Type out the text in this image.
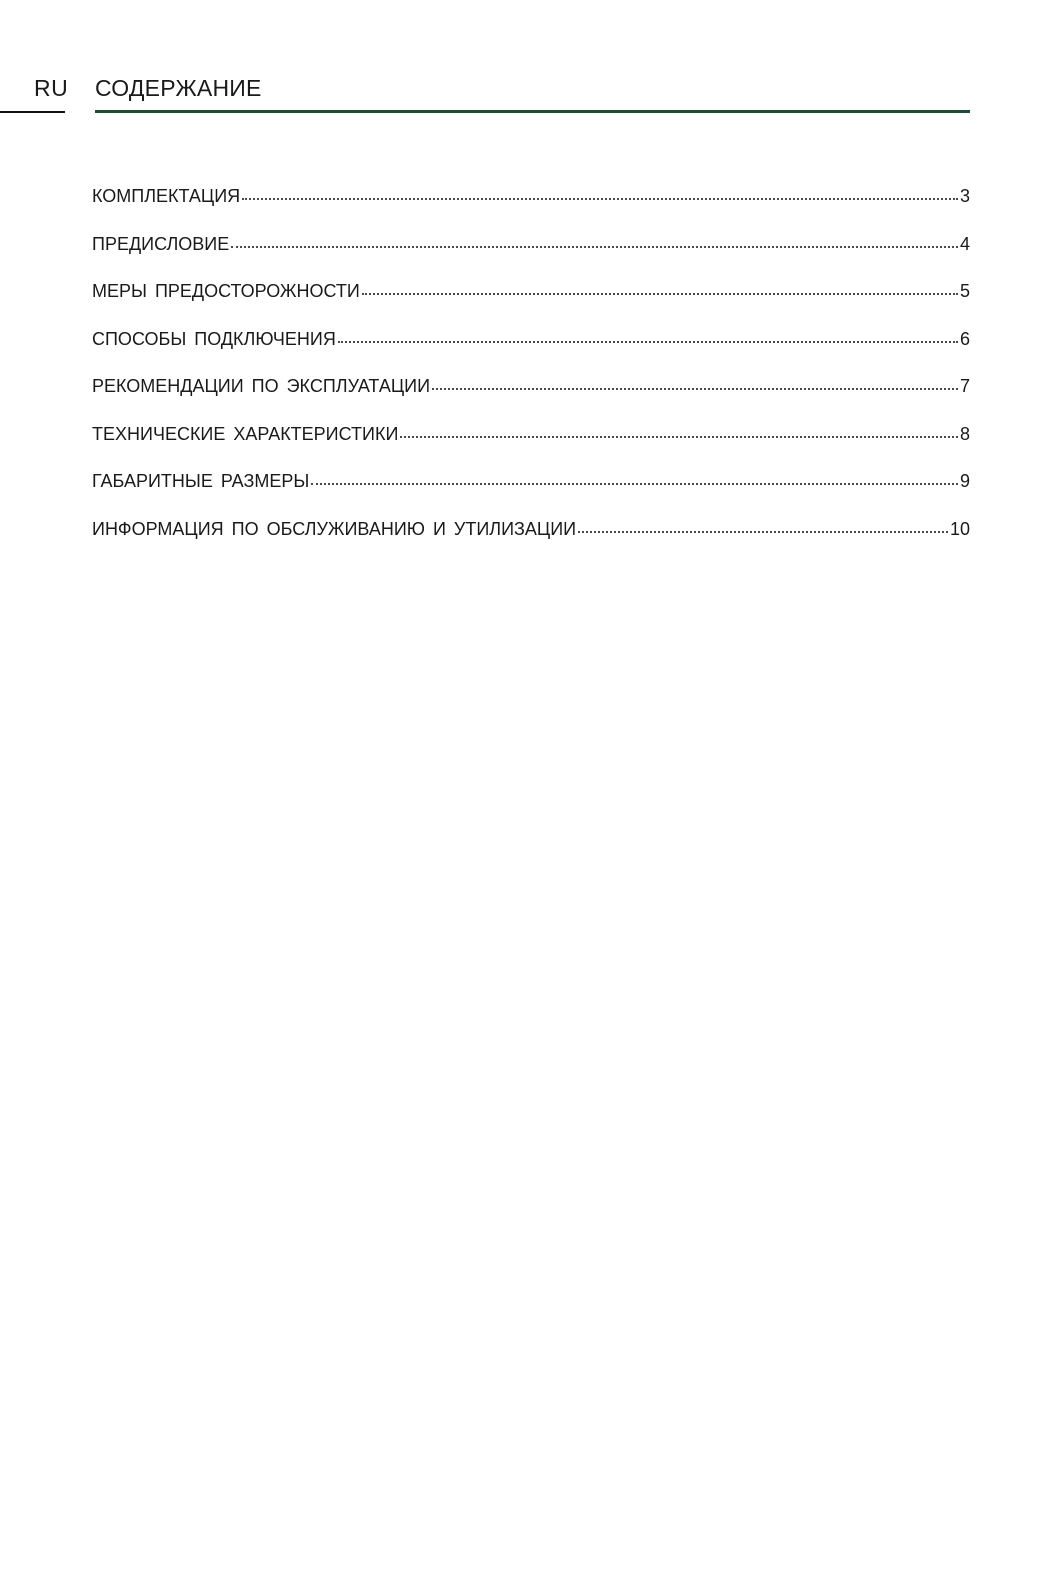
RU СОДЕРЖАНИЕ
КОМПЛЕКТАЦИЯ	3
ПРЕДИСЛОВИЕ	4
МЕРЫ ПРЕДОСТОРОЖНОСТИ	5
СПОСОБЫ ПОДКЛЮЧЕНИЯ	6
РЕКОМЕНДАЦИИ ПО ЭКСПЛУАТАЦИИ	7
ТЕХНИЧЕСКИЕ ХАРАКТЕРИСТИКИ	8
ГАБАРИТНЫЕ РАЗМЕРЫ	9
ИНФОРМАЦИЯ ПО ОБСЛУЖИВАНИЮ И УТИЛИЗАЦИИ	10
